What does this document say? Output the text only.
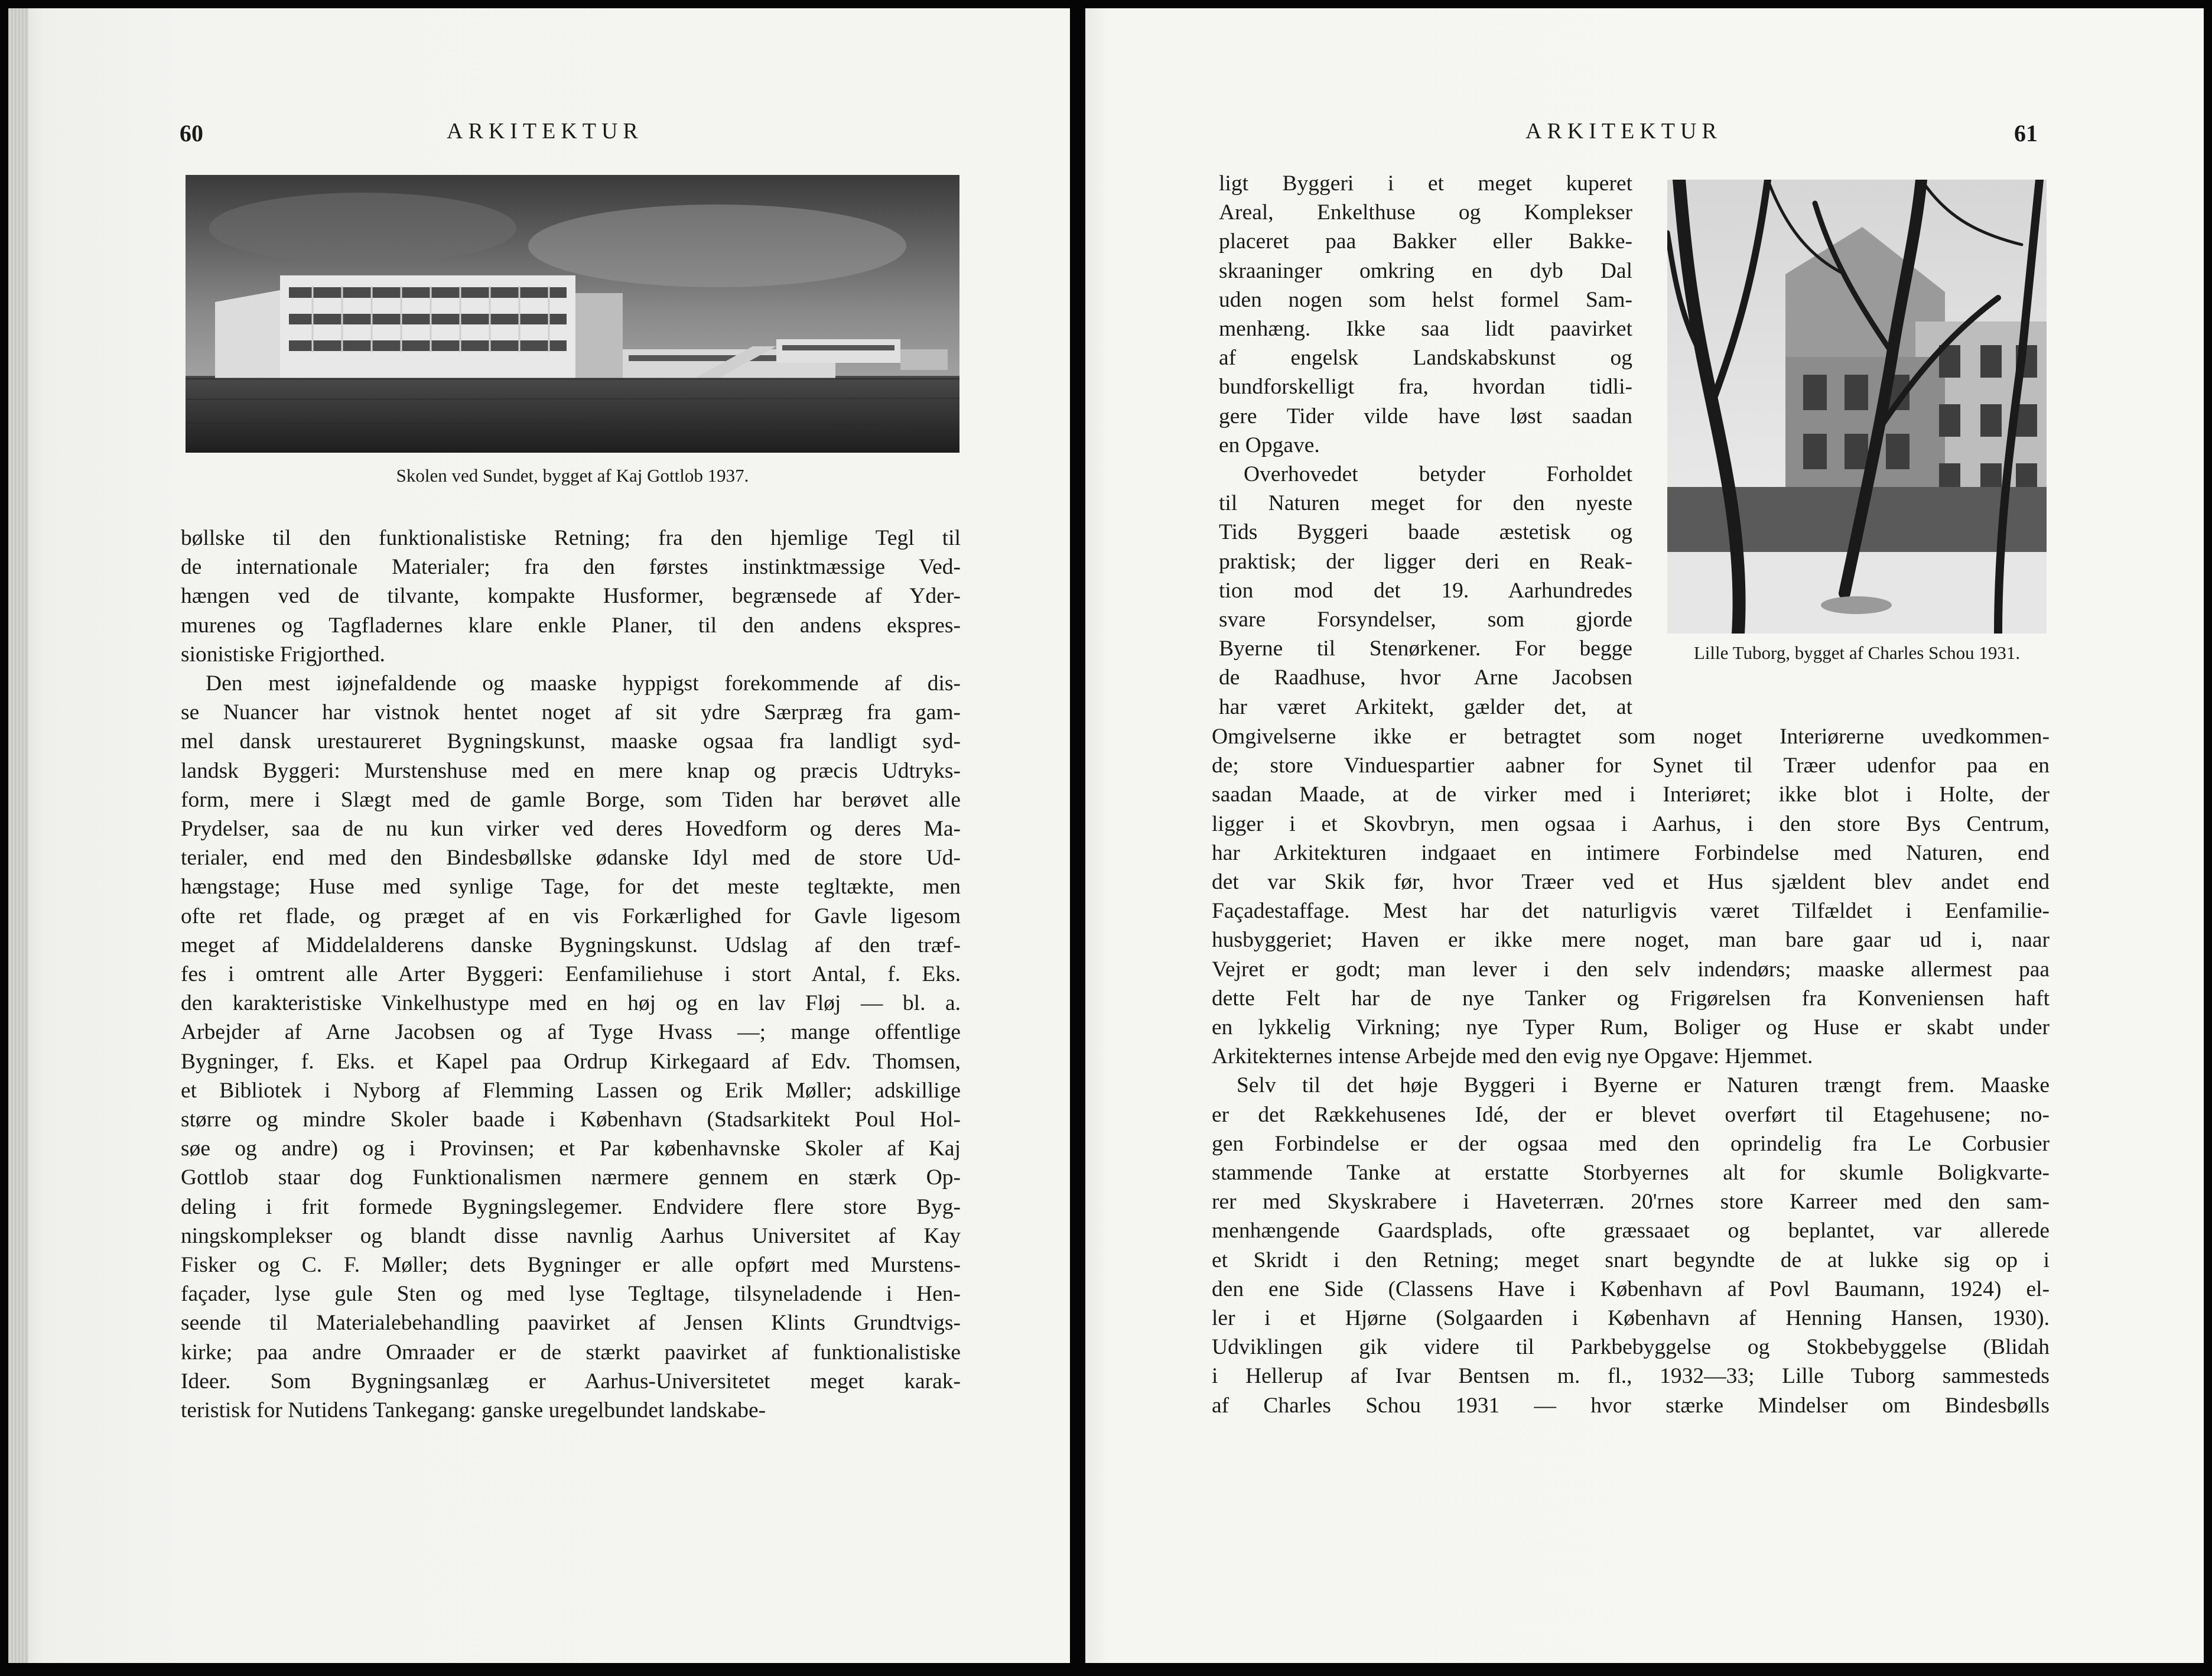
60	ARKITEKTUR
Skolen ved Sundet, bygget af Kaj Gottlob 1937.
bøllske til den funktionalistiske Retning; fra den hjemlige Tegl til
de internationale Materialer; fra den førstes instinktmæssige Ved-
hængen ved de tilvante, kompakte Husformer, begrænsede af Yder-
murenes og Tagfladernes klare enkle Planer, til den andens ekspres-
sionistiske Frigjorthed.
Den mest iøjnefaldende og maaske hyppigst forekommende af dis-
se Nuancer har vistnok hentet noget af sit ydre Særpræg fra gam-
mel dansk urestaureret Bygningskunst, maaske ogsaa fra landligt syd-
landsk Byggeri: Murstenshuse med en mere knap og præcis Udtryks-
form, mere i Slægt med de gamle Borge, som Tiden har berøvet alle
Prydelser, saa de nu kun virker ved deres Hovedform og deres Ma-
terialer, end med den Bindesbøllske ødanske Idyl med de store Ud-
hængstage; Huse med synlige Tage, for det meste tegltækte, men
ofte ret flade, og præget af en vis Forkærlighed for Gavle ligesom
meget af Middelalderens danske Bygningskunst. Udslag af den træf-
fes i omtrent alle Arter Byggeri: Eenfamiliehuse i stort Antal, f. Eks.
den karakteristiske Vinkelhustype med en høj og en lav Fløj — bl. a.
Arbejder af Arne Jacobsen og af Tyge Hvass —; mange offentlige
Bygninger, f. Eks. et Kapel paa Ordrup Kirkegaard af Edv. Thomsen,
et Bibliotek i Nyborg af Flemming Lassen og Erik Møller; adskillige
større og mindre Skoler baade i København (Stadsarkitekt Poul Hol-
søe og andre) og i Provinsen; et Par københavnske Skoler af Kaj
Gottlob staar dog Funktionalismen nærmere gennem en stærk Op-
deling i frit formede Bygningslegemer. Endvidere flere store Byg-
ningskomplekser og blandt disse navnlig Aarhus Universitet af Kay
Fisker og C. F. Møller; dets Bygninger er alle opført med Murstens-
façader, lyse gule Sten og med lyse Tegltage, tilsyneladende i Hen-
seende til Materialebehandling paavirket af Jensen Klints Grundtvigs-
kirke; paa andre Omraader er de stærkt paavirket af funktionalistiske
Ideer. Som Bygningsanlæg er Aarhus-Universitetet meget karak-
teristisk for Nutidens Tankegang: ganske uregelbundet landskabe-
ARKITEKTUR	61
ligt Byggeri i et meget kuperet
Areal, Enkelthuse og Komplekser
placeret paa Bakker eller Bakke-
skraaninger omkring en dyb Dal
uden nogen som helst formel Sam-
menhæng. Ikke saa lidt paavirket
af engelsk Landskabskunst og
bundforskelligt fra, hvordan tidli-
gere Tider vilde have løst saadan
en Opgave.
Overhovedet betyder Forholdet
til Naturen meget for den nyeste
Tids Byggeri baade æstetisk og
praktisk; der ligger deri en Reak-
tion mod det 19. Aarhundredes
svare Forsyndelser, som gjorde
Byerne til Stenørkener. For begge
de Raadhuse, hvor Arne Jacobsen
har været Arkitekt, gælder det, at
Lille Tuborg, bygget af Charles Schou 1931.
Omgivelserne ikke er betragtet som noget Interiørerne uvedkommen-
de; store Vinduespartier aabner for Synet til Træer udenfor paa en
saadan Maade, at de virker med i Interiøret; ikke blot i Holte, der
ligger i et Skovbryn, men ogsaa i Aarhus, i den store Bys Centrum,
har Arkitekturen indgaaet en intimere Forbindelse med Naturen, end
det var Skik før, hvor Træer ved et Hus sjældent blev andet end
Façadestaffage. Mest har det naturligvis været Tilfældet i Eenfamilie-
husbyggeriet; Haven er ikke mere noget, man bare gaar ud i, naar
Vejret er godt; man lever i den selv indendørs; maaske allermest paa
dette Felt har de nye Tanker og Frigørelsen fra Konveniensen haft
en lykkelig Virkning; nye Typer Rum, Boliger og Huse er skabt under
Arkitekternes intense Arbejde med den evig nye Opgave: Hjemmet.
Selv til det høje Byggeri i Byerne er Naturen trængt frem. Maaske
er det Rækkehusenes Idé, der er blevet overført til Etagehusene; no-
gen Forbindelse er der ogsaa med den oprindelig fra Le Corbusier
stammende Tanke at erstatte Storbyernes alt for skumle Boligkvarte-
rer med Skyskrabere i Haveterræn. 20'rnes store Karreer med den sam-
menhængende Gaardsplads, ofte græssaaet og beplantet, var allerede
et Skridt i den Retning; meget snart begyndte de at lukke sig op i
den ene Side (Classens Have i København af Povl Baumann, 1924) el-
ler i et Hjørne (Solgaarden i København af Henning Hansen, 1930).
Udviklingen gik videre til Parkbebyggelse og Stokbebyggelse (Blidah
i Hellerup af Ivar Bentsen m. fl., 1932—33; Lille Tuborg sammesteds
af Charles Schou 1931 — hvor stærke Mindelser om Bindesbølls
